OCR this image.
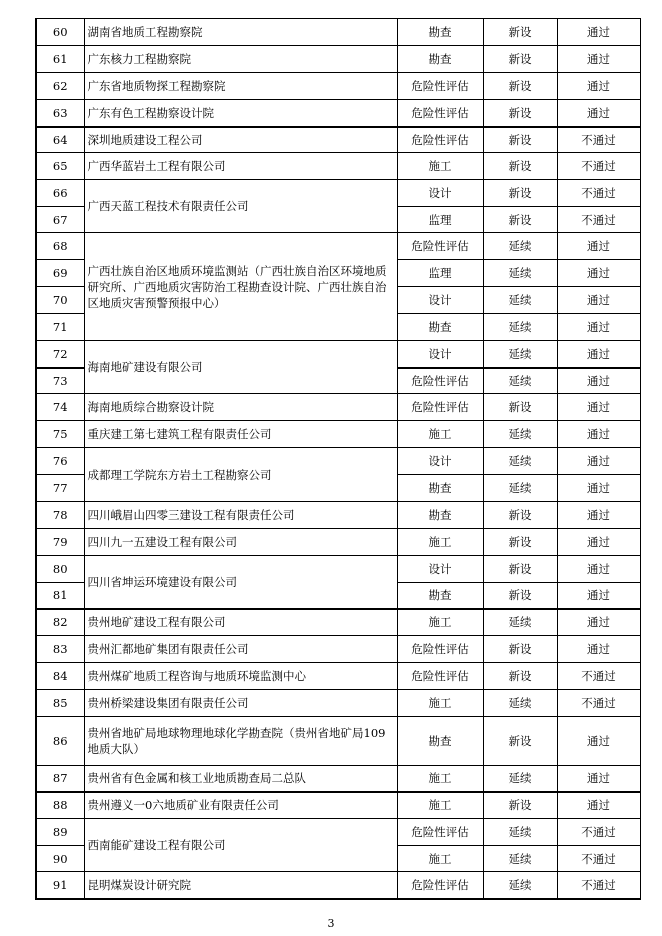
60	湖南省地质工程勘察院	勘查	新设	通过
61	广东核力工程勘察院	勘查	新设	通过
62	广东省地质物探工程勘察院	危险性评估	新设	通过
63	广东有色工程勘察设计院	危险性评估	新设	通过
64	深圳地质建设工程公司	危险性评估	新设	不通过
65	广西华蓝岩土工程有限公司	施工	新设	不通过
66	广西天蓝工程技术有限责任公司	设计	新设	不通过
67		监理	新设	不通过
68	广西壮族自治区地质环境监测站（广西壮族自治区环境地质研究所、广西地质灾害防治工程勘查设计院、广西壮族自治区地质灾害预警预报中心）	危险性评估	延续	通过
69		监理	延续	通过
70		设计	延续	通过
71		勘查	延续	通过
72	海南地矿建设有限公司	设计	延续	通过
73		危险性评估	延续	通过
74	海南地质综合勘察设计院	危险性评估	新设	通过
75	重庆建工第七建筑工程有限责任公司	施工	延续	通过
76	成都理工学院东方岩土工程勘察公司	设计	延续	通过
77		勘查	延续	通过
78	四川峨眉山四零三建设工程有限责任公司	勘查	新设	通过
79	四川九一五建设工程有限公司	施工	新设	通过
80	四川省坤运环境建设有限公司	设计	新设	通过
81		勘查	新设	通过
82	贵州地矿建设工程有限公司	施工	延续	通过
83	贵州汇都地矿集团有限责任公司	危险性评估	新设	通过
84	贵州煤矿地质工程咨询与地质环境监测中心	危险性评估	新设	不通过
85	贵州桥梁建设集团有限责任公司	施工	延续	不通过
86	贵州省地矿局地球物理地球化学勘查院（贵州省地矿局109地质大队）	勘查	新设	通过
87	贵州省有色金属和核工业地质勘查局二总队	施工	延续	通过
88	贵州遵义一0六地质矿业有限责任公司	施工	新设	通过
89	西南能矿建设工程有限公司	危险性评估	延续	不通过
90		施工	延续	不通过
91	昆明煤炭设计研究院	危险性评估	延续	不通过
3
